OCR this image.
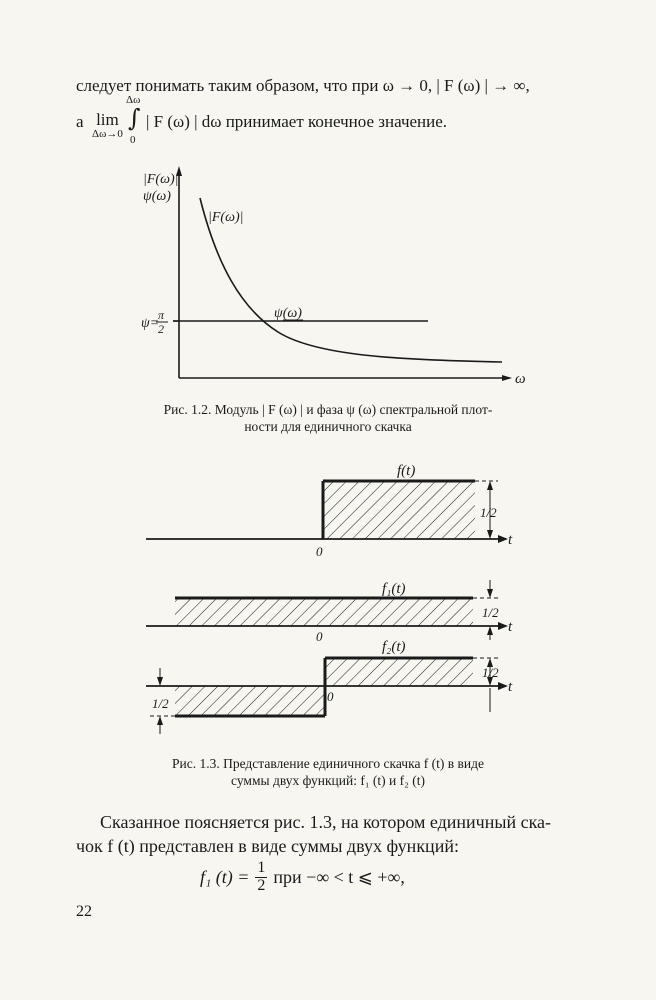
следует понимать таким образом, что при ω → 0, | F (ω) | → ∞,
а lim
Δω→0
Δω
∫
0
| F (ω) | dω принимает конечное значение.
|F(ω)|
ψ(ω)
|F(ω)|
ψ(ω)
ψ=
π
2
ω
Рис. 1.2. Модуль | F (ω) | и фаза ψ (ω) спектральной плот-
ности для единичного скачка
f(t)
1/2
t
0
f₁(t)
1/2
t
0
f₂(t)
1/2
t
0
1/2
Рис. 1.3. Представление единичного скачка f (t) в виде
суммы двух функций: f₁ (t) и f₂ (t)
Сказанное поясняется рис. 1.3, на котором единичный ска-
чок f (t) представлен в виде суммы двух функций:
f₁ $(t) = \frac{1}{2}$ при −∞ < t ⩽ +∞,
22
